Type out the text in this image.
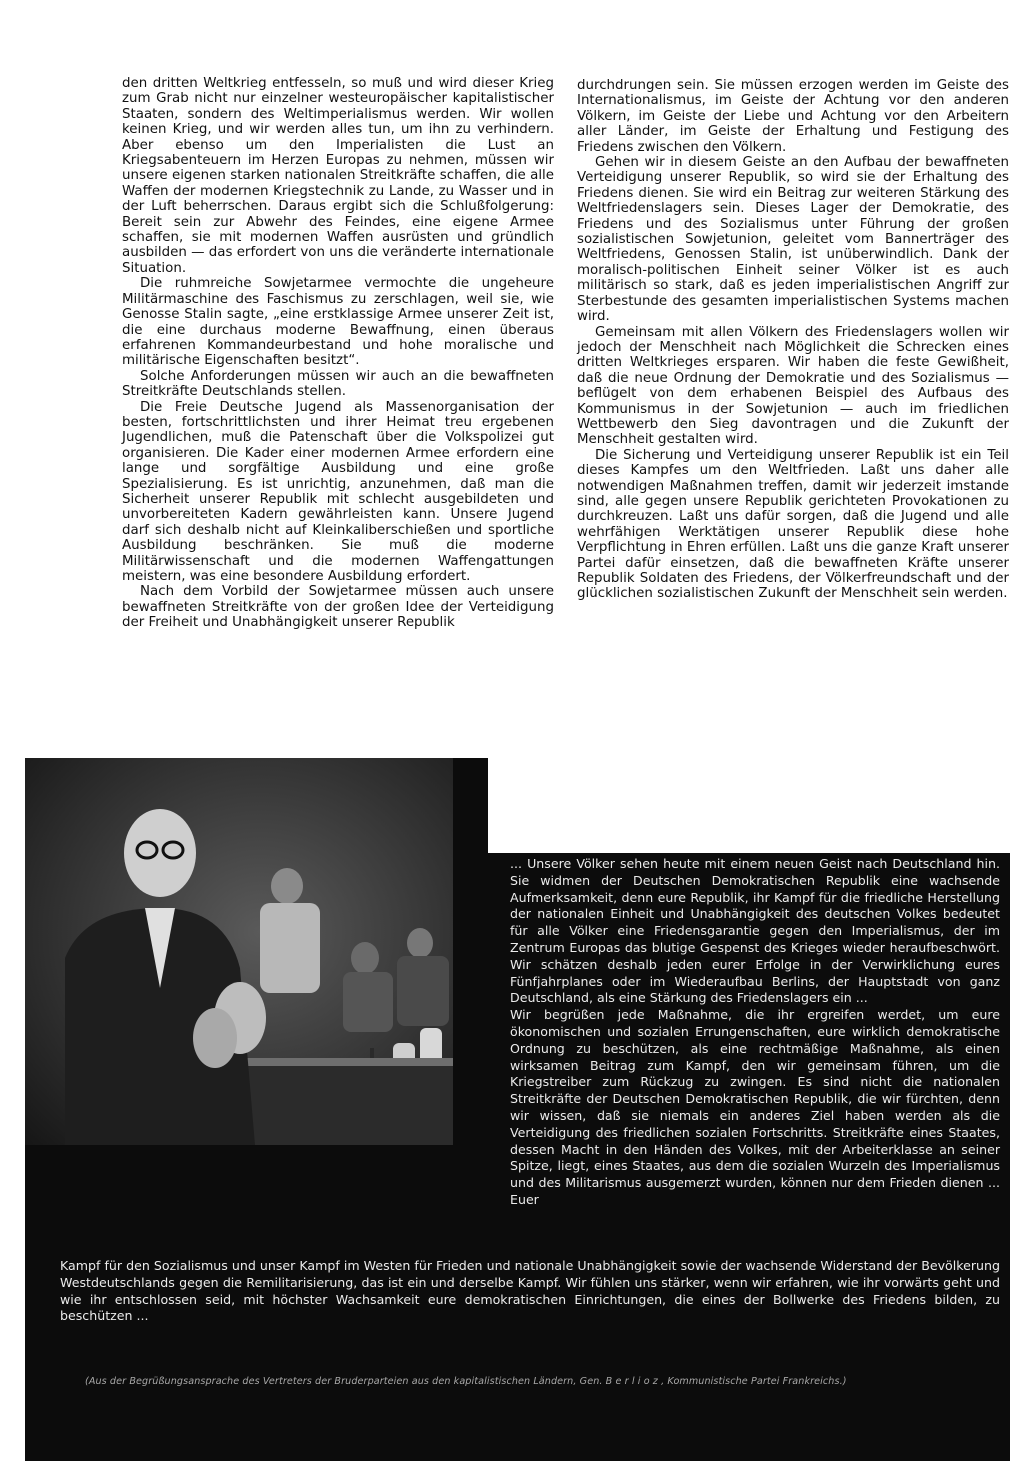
den dritten Weltkrieg entfesseln, so muß und wird dieser Krieg zum Grab nicht nur einzelner westeuropäischer kapitalistischer Staaten, sondern des Weltimperialismus werden. Wir wollen keinen Krieg, und wir werden alles tun, um ihn zu verhindern. Aber ebenso um den Imperialisten die Lust an Kriegsabenteuern im Herzen Europas zu nehmen, müssen wir unsere eigenen starken nationalen Streitkräfte schaffen, die alle Waffen der modernen Kriegstechnik zu Lande, zu Wasser und in der Luft beherrschen. Daraus ergibt sich die Schlußfolgerung: Bereit sein zur Abwehr des Feindes, eine eigene Armee schaffen, sie mit modernen Waffen ausrüsten und gründlich ausbilden — das erfordert von uns die veränderte internationale Situation.

Die ruhmreiche Sowjetarmee vermochte die ungeheure Militärmaschine des Faschismus zu zerschlagen, weil sie, wie Genosse Stalin sagte, „eine erstklassige Armee unserer Zeit ist, die eine durchaus moderne Bewaffnung, einen überaus erfahrenen Kommandeurbestand und hohe moralische und militärische Eigenschaften besitzt“.

Solche Anforderungen müssen wir auch an die bewaffneten Streitkräfte Deutschlands stellen.

Die Freie Deutsche Jugend als Massenorganisation der besten, fortschrittlichsten und ihrer Heimat treu ergebenen Jugendlichen, muß die Patenschaft über die Volkspolizei gut organisieren. Die Kader einer modernen Armee erfordern eine lange und sorgfältige Ausbildung und eine große Spezialisierung. Es ist unrichtig, anzunehmen, daß man die Sicherheit unserer Republik mit schlecht ausgebildeten und unvorbereiteten Kadern gewährleisten kann. Unsere Jugend darf sich deshalb nicht auf Kleinkaliberschießen und sportliche Ausbildung beschränken. Sie muß die moderne Militärwissenschaft und die modernen Waffengattungen meistern, was eine besondere Ausbildung erfordert.

Nach dem Vorbild der Sowjetarmee müssen auch unsere bewaffneten Streitkräfte von der großen Idee der Verteidigung der Freiheit und Unabhängigkeit unserer Republik

durchdrungen sein. Sie müssen erzogen werden im Geiste des Internationalismus, im Geiste der Achtung vor den anderen Völkern, im Geiste der Liebe und Achtung vor den Arbeitern aller Länder, im Geiste der Erhaltung und Festigung des Friedens zwischen den Völkern.

Gehen wir in diesem Geiste an den Aufbau der bewaffneten Verteidigung unserer Republik, so wird sie der Erhaltung des Friedens dienen. Sie wird ein Beitrag zur weiteren Stärkung des Weltfriedenslagers sein. Dieses Lager der Demokratie, des Friedens und des Sozialismus unter Führung der großen sozialistischen Sowjetunion, geleitet vom Bannerträger des Weltfriedens, Genossen Stalin, ist unüberwindlich. Dank der moralisch-politischen Einheit seiner Völker ist es auch militärisch so stark, daß es jeden imperialistischen Angriff zur Sterbestunde des gesamten imperialistischen Systems machen wird.

Gemeinsam mit allen Völkern des Friedenslagers wollen wir jedoch der Menschheit nach Möglichkeit die Schrecken eines dritten Weltkrieges ersparen. Wir haben die feste Gewißheit, daß die neue Ordnung der Demokratie und des Sozialismus — beflügelt von dem erhabenen Beispiel des Aufbaus des Kommunismus in der Sowjetunion — auch im friedlichen Wettbewerb den Sieg davontragen und die Zukunft der Menschheit gestalten wird.

Die Sicherung und Verteidigung unserer Republik ist ein Teil dieses Kampfes um den Weltfrieden. Laßt uns daher alle notwendigen Maßnahmen treffen, damit wir jederzeit imstande sind, alle gegen unsere Republik gerichteten Provokationen zu durchkreuzen. Laßt uns dafür sorgen, daß die Jugend und alle wehrfähigen Werktätigen unserer Republik diese hohe Verpflichtung in Ehren erfüllen. Laßt uns die ganze Kraft unserer Partei dafür einsetzen, daß die bewaffneten Kräfte unserer Republik Soldaten des Friedens, der Völkerfreundschaft und der glücklichen sozialistischen Zukunft der Menschheit sein werden.

... Unsere Völker sehen heute mit einem neuen Geist nach Deutschland hin. Sie widmen der Deutschen Demokratischen Republik eine wachsende Aufmerksamkeit, denn eure Republik, ihr Kampf für die friedliche Herstellung der nationalen Einheit und Unabhängigkeit des deutschen Volkes bedeutet für alle Völker eine Friedensgarantie gegen den Imperialismus, der im Zentrum Europas das blutige Gespenst des Krieges wieder heraufbeschwört. Wir schätzen deshalb jeden eurer Erfolge in der Verwirklichung eures Fünfjahrplanes oder im Wiederaufbau Berlins, der Hauptstadt von ganz Deutschland, als eine Stärkung des Friedenslagers ein ...

Wir begrüßen jede Maßnahme, die ihr ergreifen werdet, um eure ökonomischen und sozialen Errungenschaften, eure wirklich demokratische Ordnung zu beschützen, als eine rechtmäßige Maßnahme, als einen wirksamen Beitrag zum Kampf, den wir gemeinsam führen, um die Kriegstreiber zum Rückzug zu zwingen. Es sind nicht die nationalen Streitkräfte der Deutschen Demokratischen Republik, die wir fürchten, denn wir wissen, daß sie niemals ein anderes Ziel haben werden als die Verteidigung des friedlichen sozialen Fortschritts. Streitkräfte eines Staates, dessen Macht in den Händen des Volkes, mit der Arbeiterklasse an seiner Spitze, liegt, eines Staates, aus dem die sozialen Wurzeln des Imperialismus und des Militarismus ausgemerzt wurden, können nur dem Frieden dienen ... Euer

Kampf für den Sozialismus und unser Kampf im Westen für Frieden und nationale Unabhängigkeit sowie der wachsende Widerstand der Bevölkerung Westdeutschlands gegen die Remilitarisierung, das ist ein und derselbe Kampf. Wir fühlen uns stärker, wenn wir erfahren, wie ihr vorwärts geht und wie ihr entschlossen seid, mit höchster Wachsamkeit eure demokratischen Einrichtungen, die eines der Bollwerke des Friedens bilden, zu beschützen ...

(Aus der Begrüßungsansprache des Vertreters der Bruderparteien aus den kapitalistischen Ländern, Gen. B e r l i o z , Kommunistische Partei Frankreichs.)
